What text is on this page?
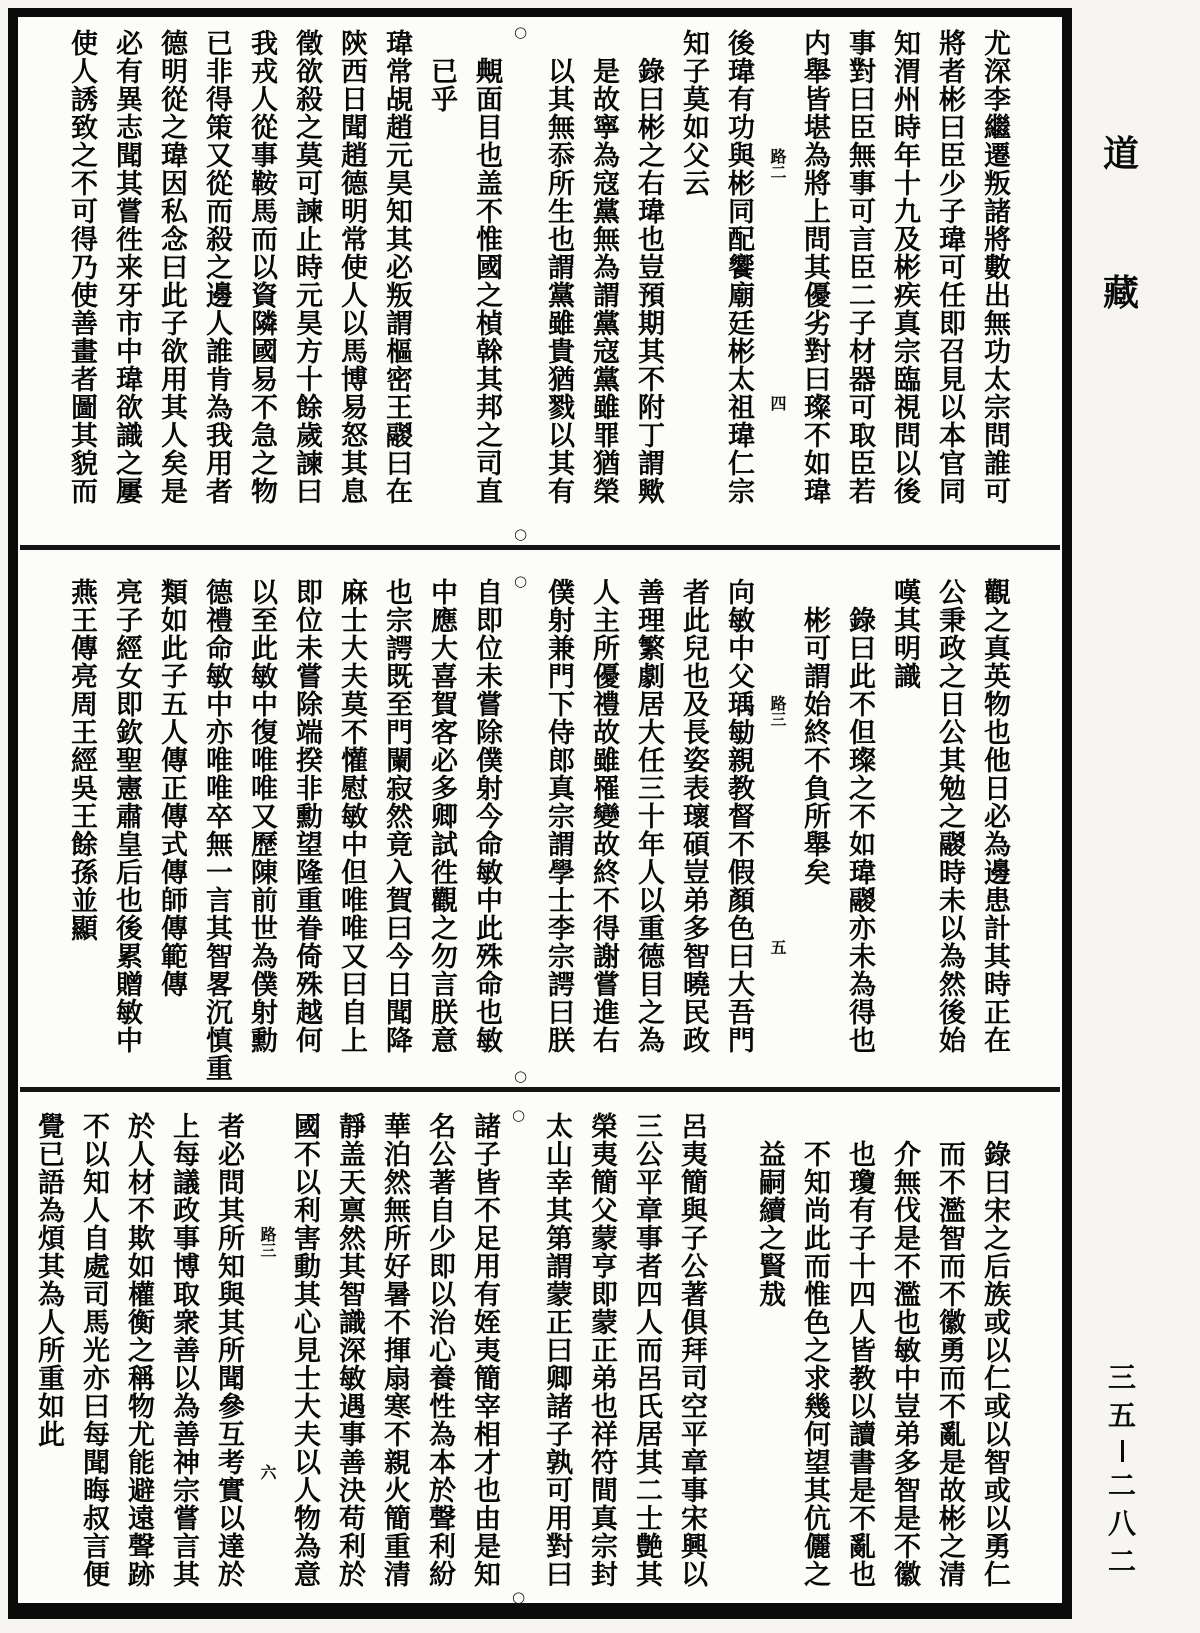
尤深李繼遷叛諸將數出無功太宗問誰可
將者彬曰臣少子瑋可任即召見以本官同
知渭州時年十九及彬疾真宗臨視問以後
事對曰臣無事可言臣二子材器可取臣若
内舉皆堪為將上問其優劣對曰璨不如瑋
路二
四
後瑋有功與彬同配饗廟廷彬太祖瑋仁宗
知子莫如父云
錄曰彬之右瑋也豈預期其不附丁謂歟
是故寧為寇黨無為謂黨寇黨雖罪猶榮
以其無忝所生也謂黨雖貴猶戮以其有
○
○
覥面目也盖不惟國之楨榦其邦之司直
已乎
瑋常覘趙元昊知其必叛謂樞密王鬷曰在
陝西日聞趙德明常使人以馬博易怒其息
徵欲殺之莫可諫止時元昊方十餘歲諫曰
我戎人從事鞍馬而以資隣國易不急之物
已非得策又從而殺之邊人誰肯為我用者
德明從之瑋因私念曰此子欲用其人矣是
必有異志聞其嘗徃来牙市中瑋欲識之屢
使人誘致之不可得乃使善畫者圖其貌而
觀之真英物也他日必為邊患計其時正在
公秉政之日公其勉之鬷時未以為然後始
嘆其明識
錄曰此不但璨之不如瑋鬷亦未為得也
彬可謂始終不負所舉矣
路三
五
向敏中父瑀勄親教督不假顏色曰大吾門
者此兒也及長姿表瓌碩豈弟多智曉民政
善理繁劇居大任三十年人以重德目之為
人主所優禮故雖罹變故終不得謝嘗進右
僕射兼門下侍郎真宗謂學士李宗諤曰朕
○
○
自即位未嘗除僕射今命敏中此殊命也敏
中應大喜賀客必多卿試徃觀之勿言朕意
也宗諤既至門闌寂然竟入賀曰今日聞降
麻士大夫莫不懽慰敏中但唯唯又曰自上
即位未嘗除端揆非勳望隆重眷倚殊越何
以至此敏中復唯唯又歷陳前世為僕射勳
德禮命敏中亦唯唯卒無一言其智畧沉慎重
類如此子五人傳正傳式傳師傳範傳
亮子經女即欽聖憲肅皇后也後累贈敏中
燕王傳亮周王經吳王餘孫並顯
錄曰宋之后族或以仁或以智或以勇仁
而不濫智而不徽勇而不亂是故彬之清
介無伐是不濫也敏中豈弟多智是不徽
也瓊有子十四人皆教以讀書是不亂也
不知尚此而惟色之求幾何望其伉儷之
益嗣續之賢㦲
呂夷簡與子公著俱拜司空平章事宋興以
三公平章事者四人而呂氏居其二士艶其
榮夷簡父蒙亨即蒙正弟也祥符間真宗封
太山幸其第謂蒙正曰卿諸子孰可用對曰
○
○
諸子皆不足用有姪夷簡宰相才也由是知
名公著自少即以治心養性為本於聲利紛
華泊然無所好暑不揮扇寒不親火簡重清
靜盖天禀然其智識深敏遇事善決苟利於
國不以利害動其心見士大夫以人物為意
路三
六
者必問其所知與其所聞參互考實以達於
上每議政事博取衆善以為善神宗嘗言其
於人材不欺如權衡之稱物尤能避遠聲跡
不以知人自處司馬光亦曰每聞晦叔言便
覺已語為煩其為人所重如此
道
藏
三
五
二
八
二
